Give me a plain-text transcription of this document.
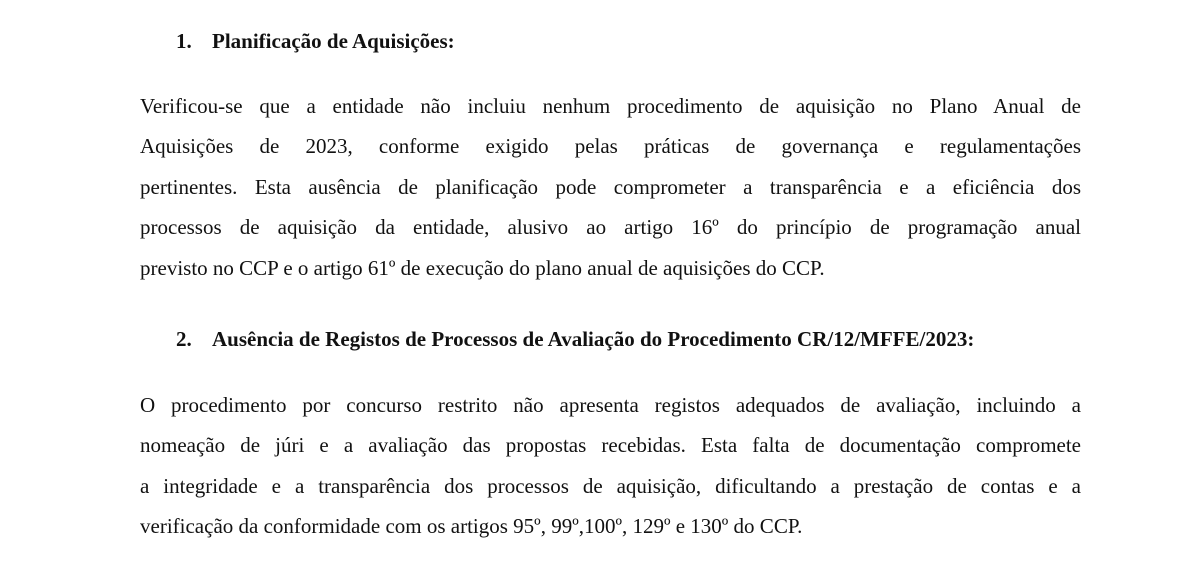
1. Planificação de Aquisições:
Verificou-se que a entidade não incluiu nenhum procedimento de aquisição no Plano Anual de
Aquisições de 2023, conforme exigido pelas práticas de governança e regulamentações
pertinentes. Esta ausência de planificação pode comprometer a transparência e a eficiência dos
processos de aquisição da entidade, alusivo ao artigo 16º do princípio de programação anual
previsto no CCP e o artigo 61º de execução do plano anual de aquisições do CCP.
2. Ausência de Registos de Processos de Avaliação do Procedimento CR/12/MFFE/2023:
O procedimento por concurso restrito não apresenta registos adequados de avaliação, incluindo a
nomeação de júri e a avaliação das propostas recebidas. Esta falta de documentação compromete
a integridade e a transparência dos processos de aquisição, dificultando a prestação de contas e a
verificação da conformidade com os artigos 95º, 99º,100º, 129º e 130º do CCP.
